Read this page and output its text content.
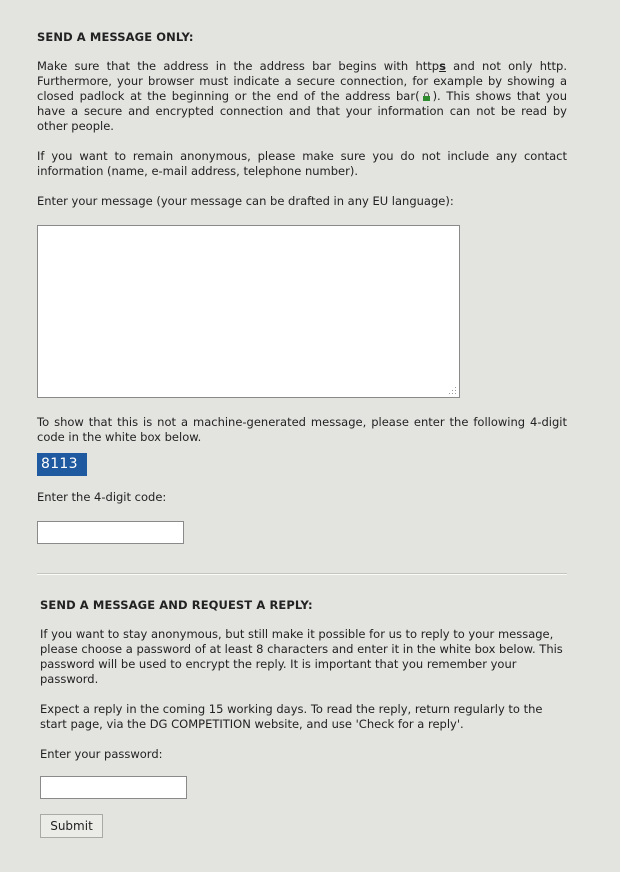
SEND A MESSAGE ONLY:

Make sure that the address in the address bar begins with https and not only http. Furthermore, your browser must indicate a secure connection, for example by showing a closed padlock at the beginning or the end of the address bar( ). This shows that you have a secure and encrypted connection and that your information can not be read by other people.

If you want to remain anonymous, please make sure you do not include any contact information (name, e-mail address, telephone number).

Enter your message (your message can be drafted in any EU language):

To show that this is not a machine-generated message, please enter the following 4-digit code in the white box below.

8113

Enter the 4-digit code:

SEND A MESSAGE AND REQUEST A REPLY:

If you want to stay anonymous, but still make it possible for us to reply to your message, please choose a password of at least 8 characters and enter it in the white box below. This password will be used to encrypt the reply. It is important that you remember your password.

Expect a reply in the coming 15 working days. To read the reply, return regularly to the start page, via the DG COMPETITION website, and use 'Check for a reply'.

Enter your password:

Submit
